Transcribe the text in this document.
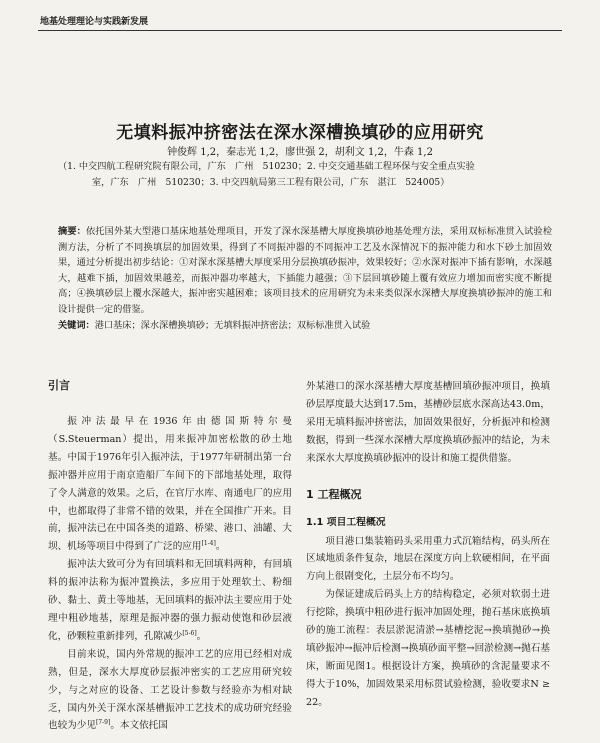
地基处理理论与实践新发展
无填料振冲挤密法在深水深槽换填砂的应用研究
钟俊辉 1,2，秦志光 1,2，廖世强 2，胡利文 1,2，牛森 1,2
（1. 中交四航工程研究院有限公司，广东　广州　510230；2. 中交交通基础工程环保与安全重点实验
室，广东　广州　510230；3. 中交四航局第三工程有限公司，广东　湛江　524005）
摘要：依托国外某大型港口基床地基处理项目，开发了深水深基槽大厚度换填砂地基处理方法，采用双标标准贯入试验检测方法，分析了不同换填层的加固效果，得到了不同振冲器的不同振冲工艺及水深情况下的振冲能力和水下砂土加固效果，通过分析提出初步结论：①对深水深基槽大厚度采用分层换填砂振冲，效果较好；②水深对振冲下插有影响，水深越大，越难下插，加固效果越差，而振冲器功率越大，下插能力越强；③下层回填砂随上覆有效应力增加而密实度不断提高；④换填砂层上覆水深越大，振冲密实越困难；该项目技术的应用研究为未来类似深水深槽大厚度换填砂振冲的施工和设计提供一定的借鉴。
关键词：港口基床；深水深槽换填砂；无填料振冲挤密法；双标标准贯入试验
引言

振冲法最早在1936年由德国斯特尔曼（S.Steuerman）提出，用来振冲加密松散的砂土地基。中国于1976年引入振冲法，于1977年研制出第一台振冲器并应用于南京造船厂车间下的下部地基处理，取得了令人满意的效果。之后，在官厅水库、南通电厂的应用中，也都取得了非常不错的效果，并在全国推广开来。目前，振冲法已在中国各类的道路、桥梁、港口、油罐、大坝、机场等项目中得到了广泛的应用[1-4]。

振冲法大致可分为有回填料和无回填料两种，有回填料的振冲法称为振冲置换法，多应用于处理软土、粉细砂、黏土、黄土等地基，无回填料的振冲法主要应用于处理中粗砂地基，原理是振冲器的强力振动使饱和砂层液化，砂颗粒重新排列，孔隙减少[5-6]。

目前来说，国内外常规的振冲工艺的应用已经相对成熟，但是，深水大厚度砂层振冲密实的工艺应用研究较少，与之对应的设备、工艺设计参数与经验亦为相对缺乏，国内外关于深水深基槽振冲工艺技术的成功研究经验也较为少见[7-9]。本文依托国

外某港口的深水深基槽大厚度基槽回填砂振冲项目，换填砂层厚度最大达到17.5m，基槽砂层底水深高达43.0m，采用无填料振冲挤密法，加固效果很好，分析振冲和检测数据，得到一些深水深槽大厚度换填砂振冲的结论，为未来深水大厚度换填砂振冲的设计和施工提供借鉴。

1 工程概况
1.1 项目工程概况

项目港口集装箱码头采用重力式沉箱结构，码头所在区域地质条件复杂，地层在深度方向上软硬相间，在平面方向上很剧变化，土层分布不均匀。

为保证建成后码头上方的结构稳定，必须对软弱土进行挖除，换填中粗砂进行振冲加固处理，抛石基床底换填砂的施工流程：表层淤泥清淤→基槽挖泥→换填抛砂→换填砂振冲→振冲后检测→换填砂面平整→回淤检测→抛石基床，断面见图1。根据设计方案，换填砂的含泥量要求不得大于10%，加固效果采用标贯试验检测，验收要求N ≥ 22。
